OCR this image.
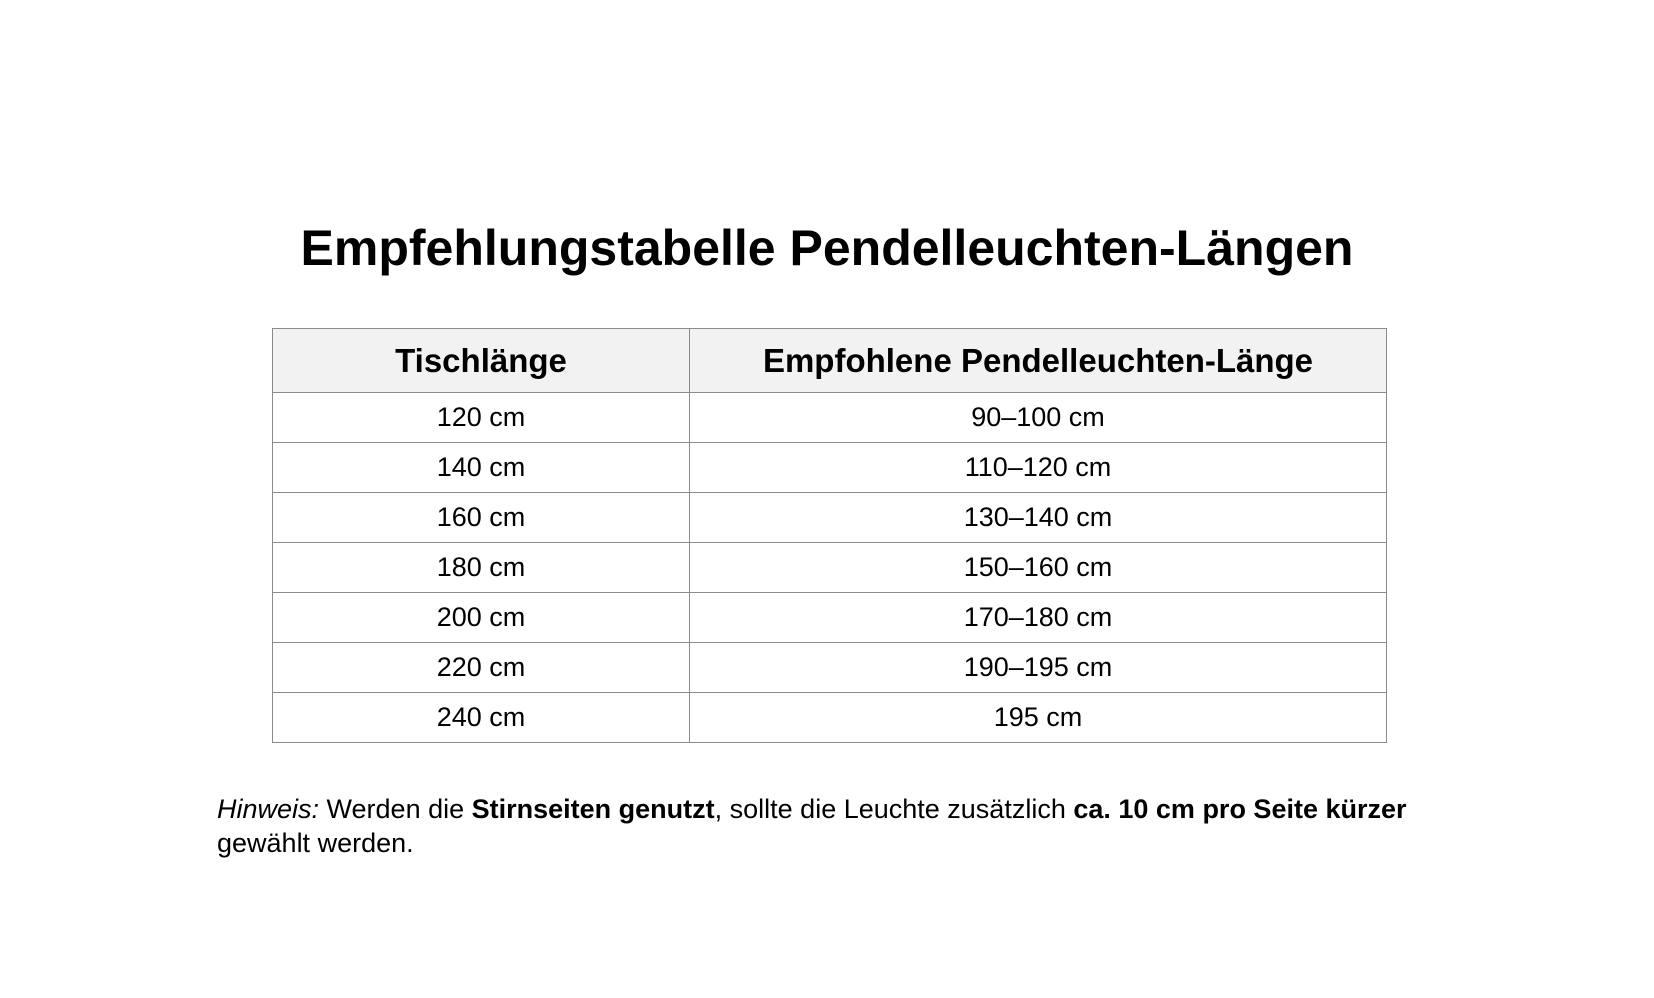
Empfehlungstabelle Pendelleuchten-Längen
Tischlänge	Empfohlene Pendelleuchten-Länge
120 cm	90–100 cm
140 cm	110–120 cm
160 cm	130–140 cm
180 cm	150–160 cm
200 cm	170–180 cm
220 cm	190–195 cm
240 cm	195 cm

Hinweis: Werden die Stirnseiten genutzt, sollte die Leuchte zusätzlich ca. 10 cm pro Seite kürzer gewählt werden.
